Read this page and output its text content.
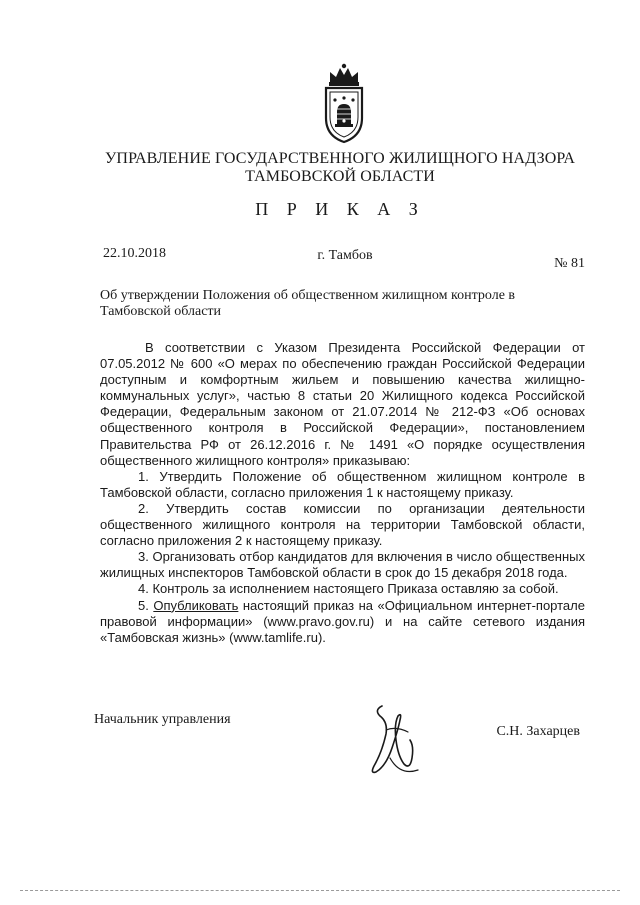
УПРАВЛЕНИЕ ГОСУДАРСТВЕННОГО ЖИЛИЩНОГО НАДЗОРА
ТАМБОВСКОЙ ОБЛАСТИ
П Р И К А З
22.10.2018	г. Тамбов
№ 81
Об утверждении Положения об общественном жилищном контроле в Тамбовской области

В соответствии с Указом Президента Российской Федерации от 07.05.2012 № 600 «О мерах по обеспечению граждан Российской Федерации доступным и комфортным жильем и повышению качества жилищно-коммунальных услуг», частью 8 статьи 20 Жилищного кодекса Российской Федерации, Федеральным законом от 21.07.2014 № 212-ФЗ «Об основах общественного контроля в Российской Федерации», постановлением Правительства РФ от 26.12.2016 г. № 1491 «О порядке осуществления общественного жилищного контроля» приказываю:

1. Утвердить Положение об общественном жилищном контроле в Тамбовской области, согласно приложения 1 к настоящему приказу.

2. Утвердить состав комиссии по организации деятельности общественного жилищного контроля на территории Тамбовской области, согласно приложения 2 к настоящему приказу.

3. Организовать отбор кандидатов для включения в число общественных жилищных инспекторов Тамбовской области в срок до 15 декабря 2018 года.

4. Контроль за исполнением настоящего Приказа оставляю за собой.

5. Опубликовать настоящий приказ на «Официальном интернет-портале правовой информации» (www.pravo.gov.ru) и на сайте сетевого издания «Тамбовская жизнь» (www.tamlife.ru).

Начальник управления
С.Н. Захарцев
